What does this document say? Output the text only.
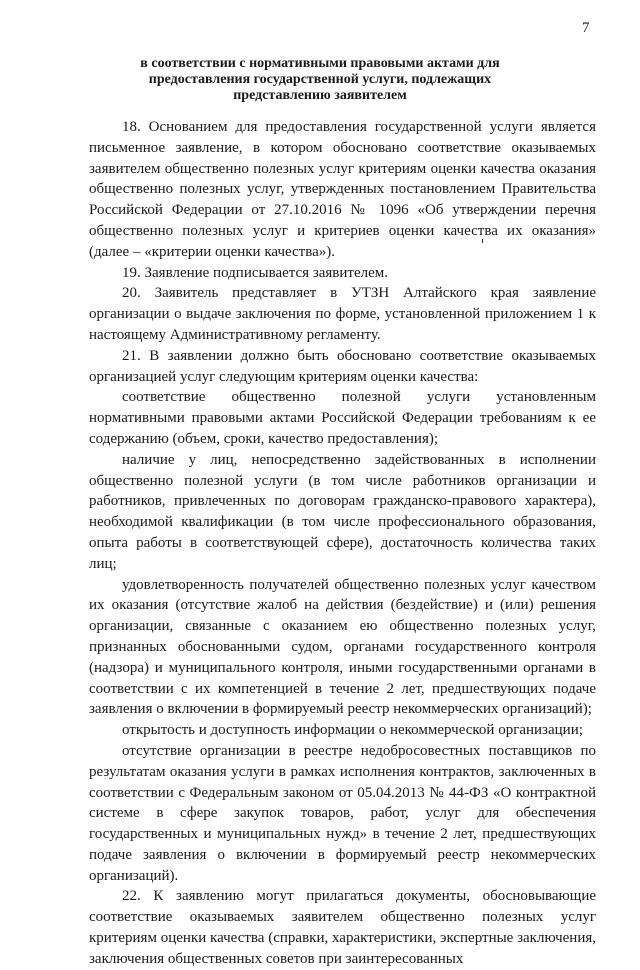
7
в соответствии с нормативными правовыми актами для
предоставления государственной услуги, подлежащих
представлению заявителем

18. Основанием для предоставления государственной услуги является письменное заявление, в котором обосновано соответствие оказываемых заявителем общественно полезных услуг критериям оценки качества оказания общественно полезных услуг, утвержденных постановлением Правительства Российской Федерации от 27.10.2016 № 1096 «Об утверждении перечня общественно полезных услуг и критериев оценки качества их оказания» (далее – «критерии оценки качества»).

19. Заявление подписывается заявителем.

20. Заявитель представляет в УТЗН Алтайского края заявление организации о выдаче заключения по форме, установленной приложением 1 к настоящему Административному регламенту.

21. В заявлении должно быть обосновано соответствие оказываемых организацией услуг следующим критериям оценки качества:

соответствие общественно полезной услуги установленным нормативными правовыми актами Российской Федерации требованиям к ее содержанию (объем, сроки, качество предоставления);

наличие у лиц, непосредственно задействованных в исполнении общественно полезной услуги (в том числе работников организации и работников, привлеченных по договорам гражданско-правового характера), необходимой квалификации (в том числе профессионального образования, опыта работы в соответствующей сфере), достаточность количества таких лиц;

удовлетворенность получателей общественно полезных услуг качеством их оказания (отсутствие жалоб на действия (бездействие) и (или) решения организации, связанные с оказанием ею общественно полезных услуг, признанных обоснованными судом, органами государственного контроля (надзора) и муниципального контроля, иными государственными органами в соответствии с их компетенцией в течение 2 лет, предшествующих подаче заявления о включении в формируемый реестр некоммерческих организаций);

открытость и доступность информации о некоммерческой организации;

отсутствие организации в реестре недобросовестных поставщиков по результатам оказания услуги в рамках исполнения контрактов, заключенных в соответствии с Федеральным законом от 05.04.2013 № 44-ФЗ «О контрактной системе в сфере закупок товаров, работ, услуг для обеспечения государственных и муниципальных нужд» в течение 2 лет, предшествующих подаче заявления о включении в формируемый реестр некоммерческих организаций).

22. К заявлению могут прилагаться документы, обосновывающие соответствие оказываемых заявителем общественно полезных услуг критериям оценки качества (справки, характеристики, экспертные заключения, заключения общественных советов при заинтересованных
